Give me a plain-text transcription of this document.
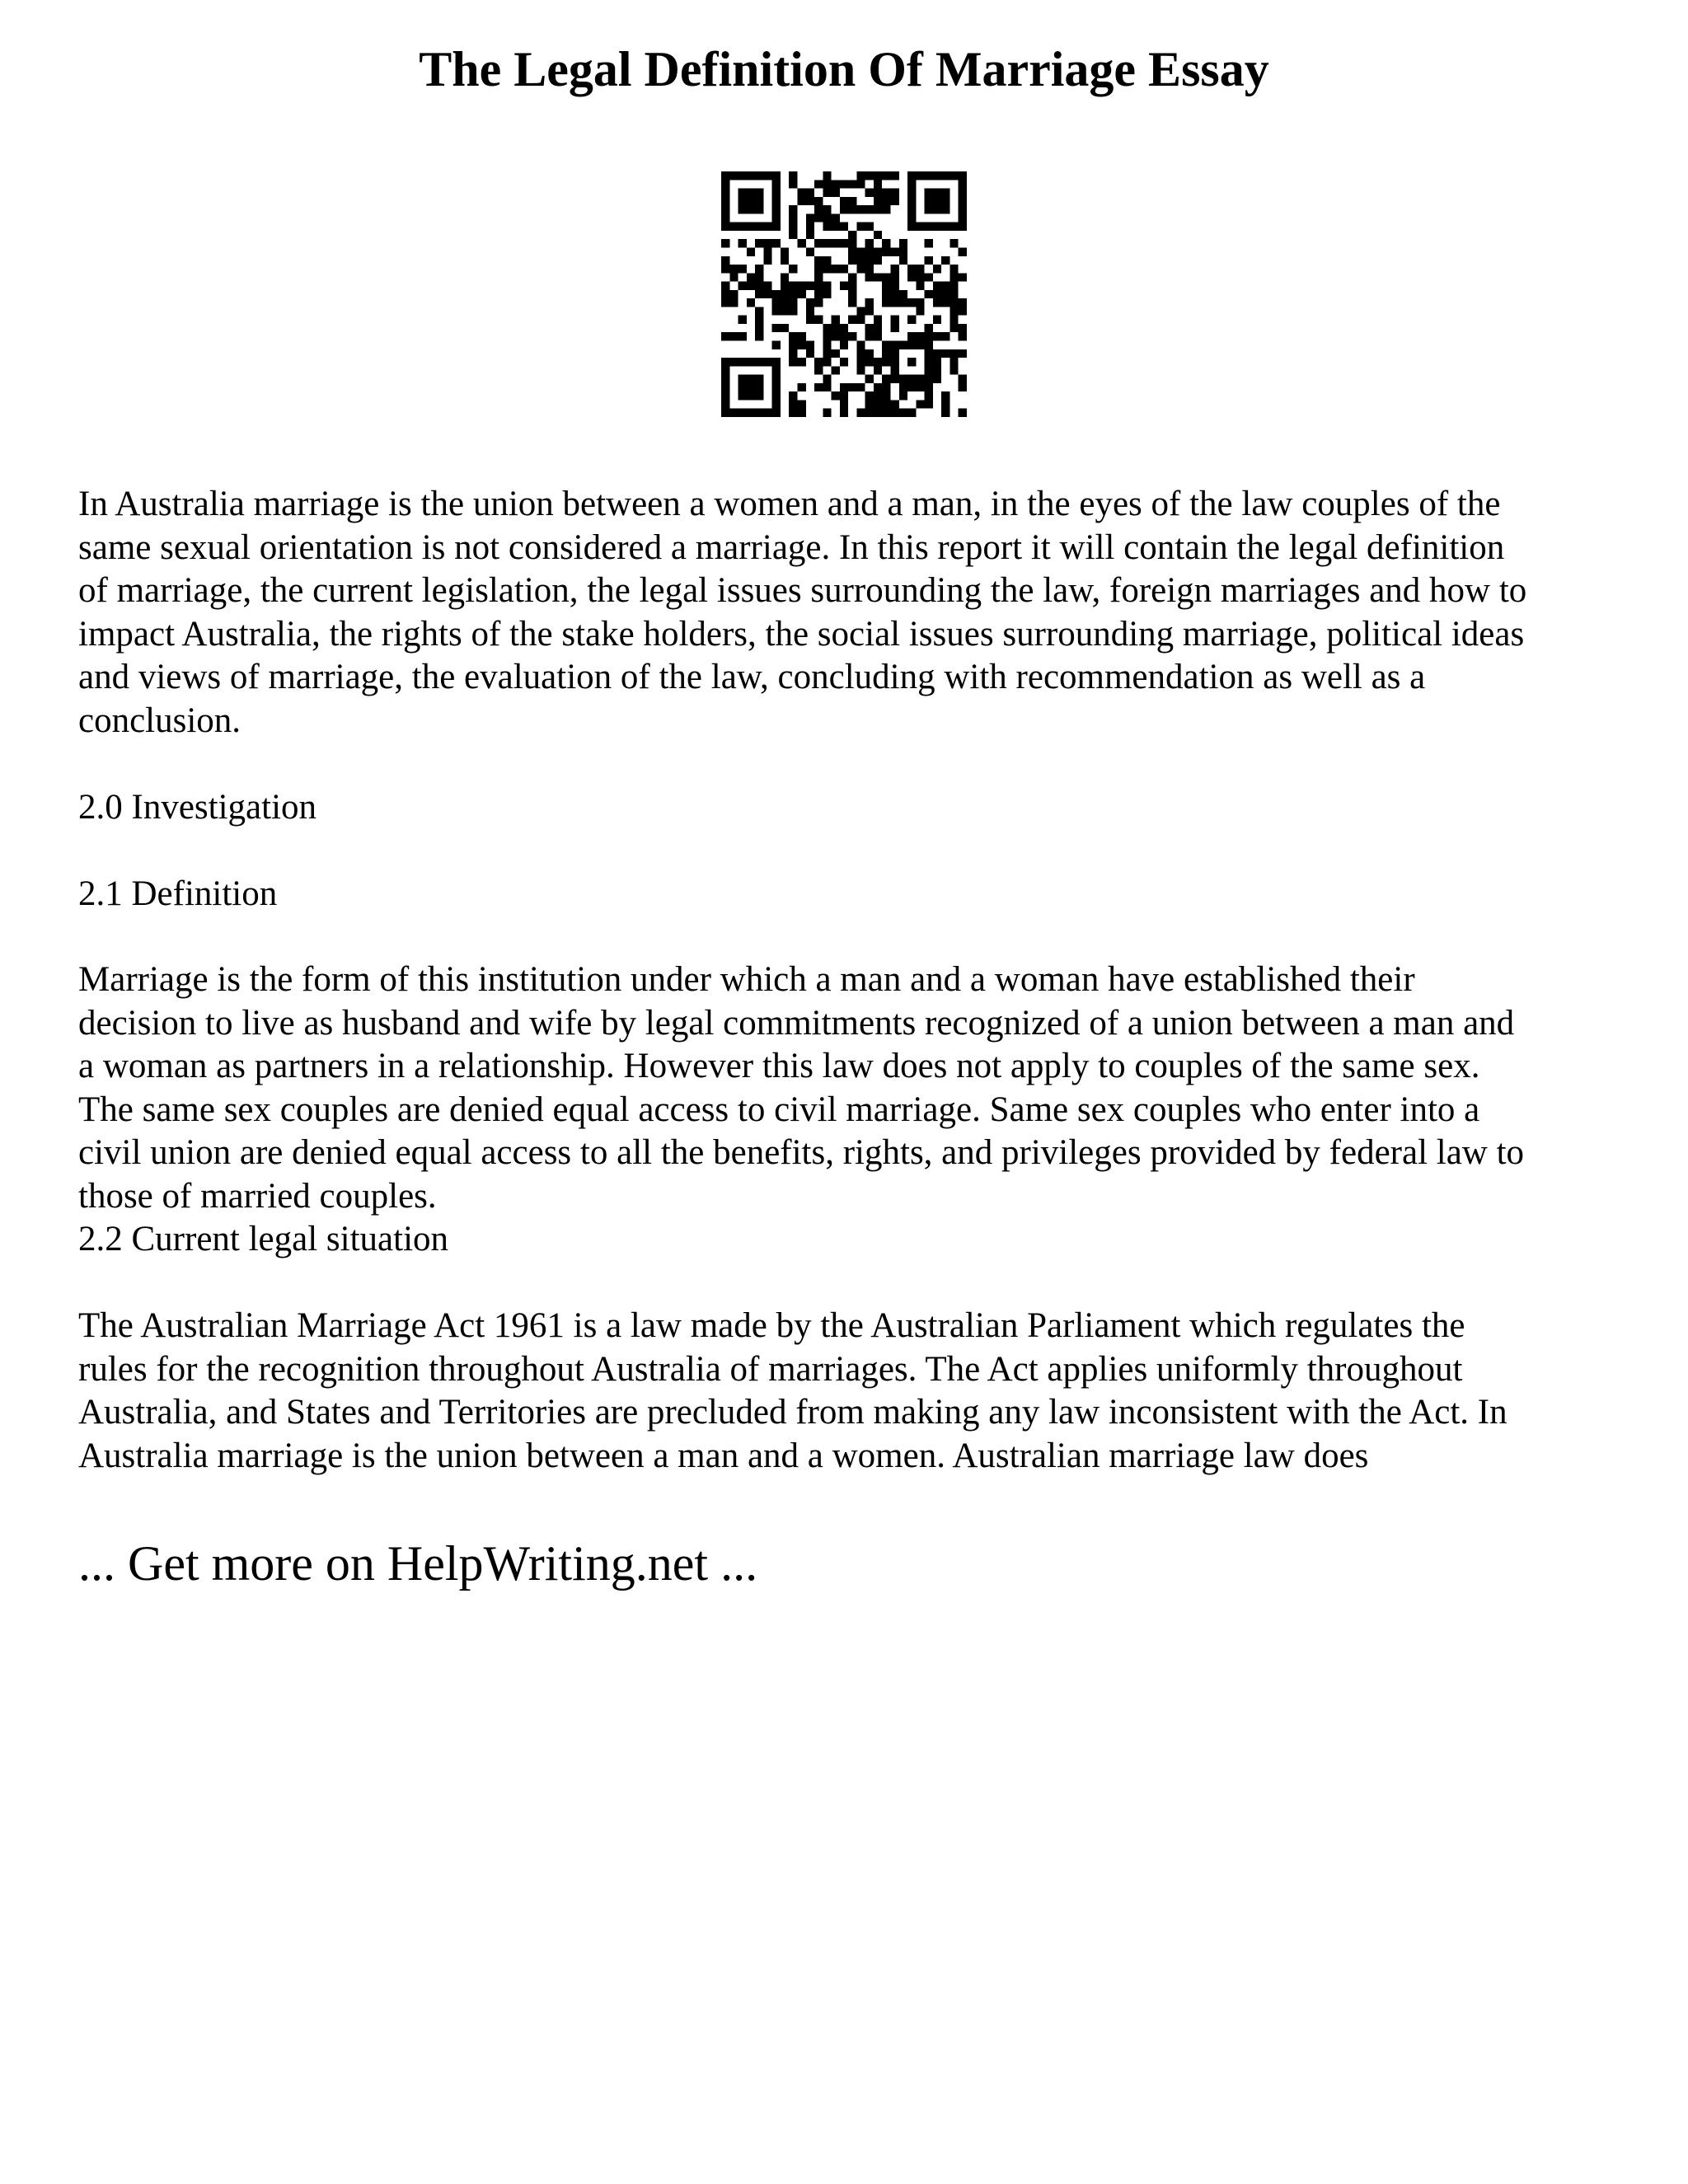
The Legal Definition Of Marriage Essay

In Australia marriage is the union between a women and a man, in the eyes of the law couples of the
same sexual orientation is not considered a marriage. In this report it will contain the legal definition
of marriage, the current legislation, the legal issues surrounding the law, foreign marriages and how to
impact Australia, the rights of the stake holders, the social issues surrounding marriage, political ideas
and views of marriage, the evaluation of the law, concluding with recommendation as well as a
conclusion.

2.0 Investigation

2.1 Definition

Marriage is the form of this institution under which a man and a woman have established their
decision to live as husband and wife by legal commitments recognized of a union between a man and
a woman as partners in a relationship. However this law does not apply to couples of the same sex.
The same sex couples are denied equal access to civil marriage. Same sex couples who enter into a
civil union are denied equal access to all the benefits, rights, and privileges provided by federal law to
those of married couples.
2.2 Current legal situation

The Australian Marriage Act 1961 is a law made by the Australian Parliament which regulates the
rules for the recognition throughout Australia of marriages. The Act applies uniformly throughout
Australia, and States and Territories are precluded from making any law inconsistent with the Act. In
Australia marriage is the union between a man and a women. Australian marriage law does

... Get more on HelpWriting.net ...
